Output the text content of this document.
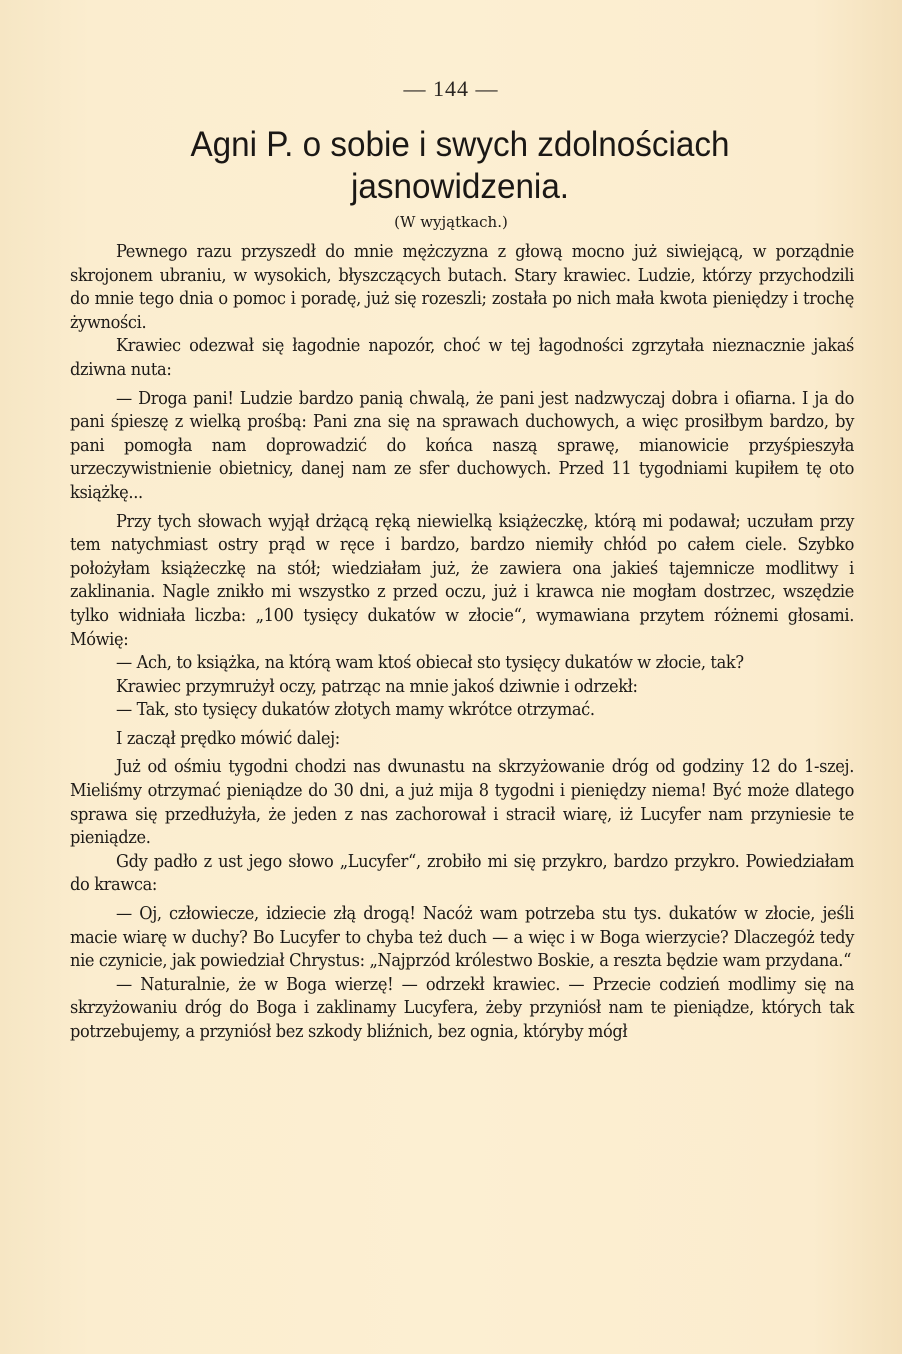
— 144 —
Agni P. o sobie i swych zdolnościach
jasnowidzenia.
(W wyjątkach.)

Pewnego razu przyszedł do mnie mężczyzna z głową mocno już siwiejącą, w porządnie skrojonem ubraniu, w wysokich, błyszczących butach. Stary krawiec. Ludzie, którzy przychodzili do mnie tego dnia o pomoc i poradę, już się rozeszli; została po nich mała kwota pieniędzy i trochę żywności.

Krawiec odezwał się łagodnie napozór, choć w tej łagodności zgrzytała nieznacznie jakaś dziwna nuta:

— Droga pani! Ludzie bardzo panią chwalą, że pani jest nadzwyczaj dobra i ofiarna. I ja do pani śpieszę z wielką prośbą: Pani zna się na sprawach duchowych, a więc prosiłbym bardzo, by pani pomogła nam doprowadzić do końca naszą sprawę, mianowicie przyśpieszyła urzeczywistnienie obietnicy, danej nam ze sfer duchowych. Przed 11 tygodniami kupiłem tę oto książkę...

Przy tych słowach wyjął drżącą ręką niewielką książeczkę, którą mi podawał; uczułam przy tem natychmiast ostry prąd w ręce i bardzo, bardzo niemiły chłód po całem ciele. Szybko położyłam książeczkę na stół; wiedziałam już, że zawiera ona jakieś tajemnicze modlitwy i zaklinania. Nagle znikło mi wszystko z przed oczu, już i krawca nie mogłam dostrzec, wszędzie tylko widniała liczba: „100 tysięcy dukatów w złocie“, wymawiana przytem różnemi głosami. Mówię:

— Ach, to książka, na którą wam ktoś obiecał sto tysięcy dukatów w złocie, tak?

Krawiec przymrużył oczy, patrząc na mnie jakoś dziwnie i odrzekł:

— Tak, sto tysięcy dukatów złotych mamy wkrótce otrzymać.

I zaczął prędko mówić dalej:

Już od ośmiu tygodni chodzi nas dwunastu na skrzyżowanie dróg od godziny 12 do 1-szej. Mieliśmy otrzymać pieniądze do 30 dni, a już mija 8 tygodni i pieniędzy niema! Być może dlatego sprawa się przedłużyła, że jeden z nas zachorował i stracił wiarę, iż Lucyfer nam przyniesie te pieniądze.

Gdy padło z ust jego słowo „Lucyfer“, zrobiło mi się przykro, bardzo przykro. Powiedziałam do krawca:

— Oj, człowiecze, idziecie złą drogą! Nacóż wam potrzeba stu tys. dukatów w złocie, jeśli macie wiarę w duchy? Bo Lucyfer to chyba też duch — a więc i w Boga wierzycie? Dlaczegóż tedy nie czynicie, jak powiedział Chrystus: „Najprzód królestwo Boskie, a reszta będzie wam przydana.“

— Naturalnie, że w Boga wierzę! — odrzekł krawiec. — Przecie codzień modlimy się na skrzyżowaniu dróg do Boga i zaklinamy Lucyfera, żeby przyniósł nam te pieniądze, których tak potrzebujemy, a przyniósł bez szkody bliźnich, bez ognia, któryby mógł
